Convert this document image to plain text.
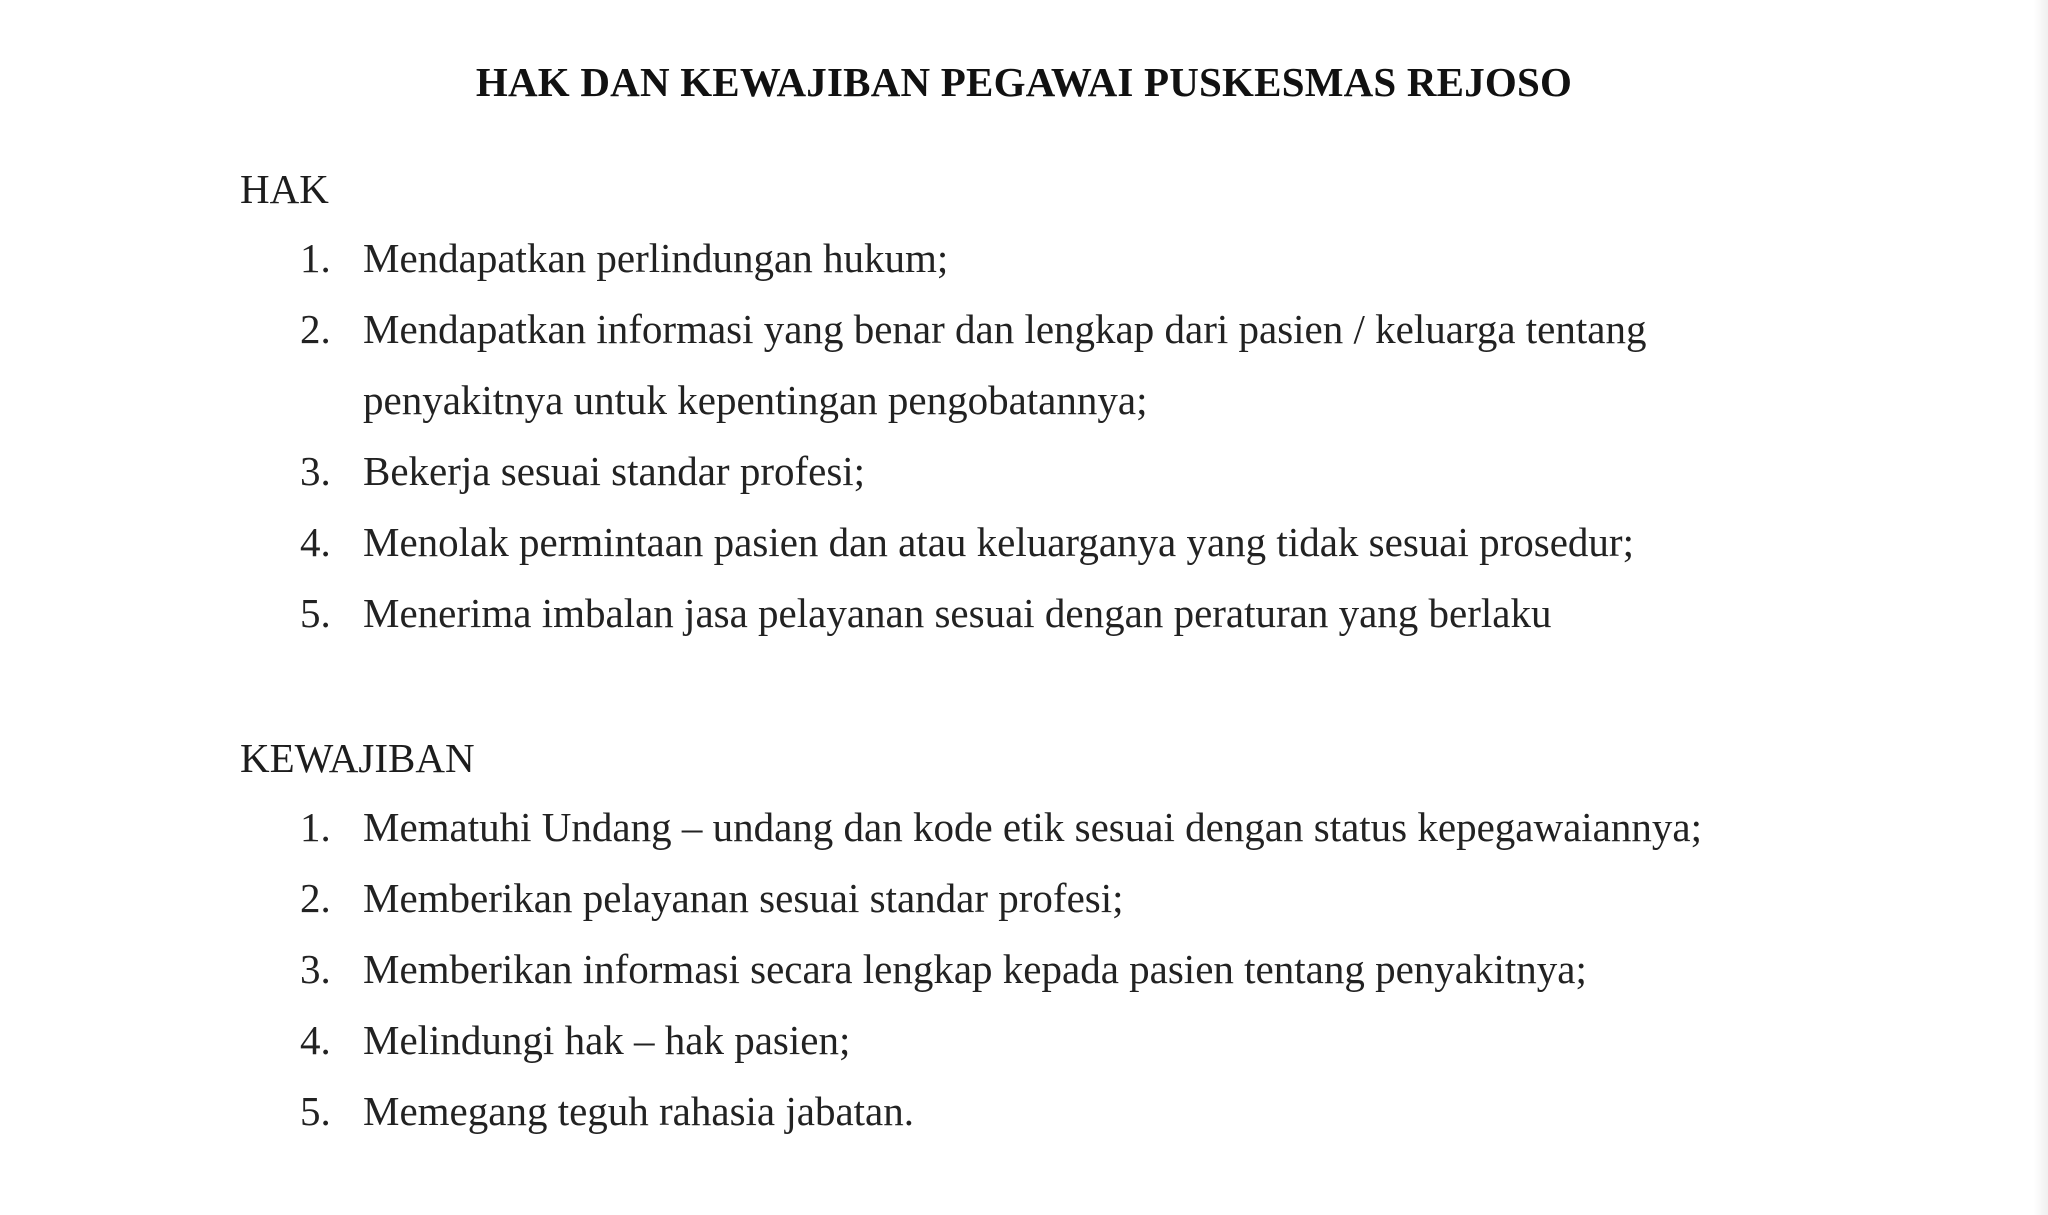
HAK DAN KEWAJIBAN PEGAWAI PUSKESMAS REJOSO
HAK
1. Mendapatkan perlindungan hukum;
2. Mendapatkan informasi yang benar dan lengkap dari pasien / keluarga tentang
penyakitnya untuk kepentingan pengobatannya;
3. Bekerja sesuai standar profesi;
4. Menolak permintaan pasien dan atau keluarganya yang tidak sesuai prosedur;
5. Menerima imbalan jasa pelayanan sesuai dengan peraturan yang berlaku
KEWAJIBAN
1. Mematuhi Undang – undang dan kode etik sesuai dengan status kepegawaiannya;
2. Memberikan pelayanan sesuai standar profesi;
3. Memberikan informasi secara lengkap kepada pasien tentang penyakitnya;
4. Melindungi hak – hak pasien;
5. Memegang teguh rahasia jabatan.
